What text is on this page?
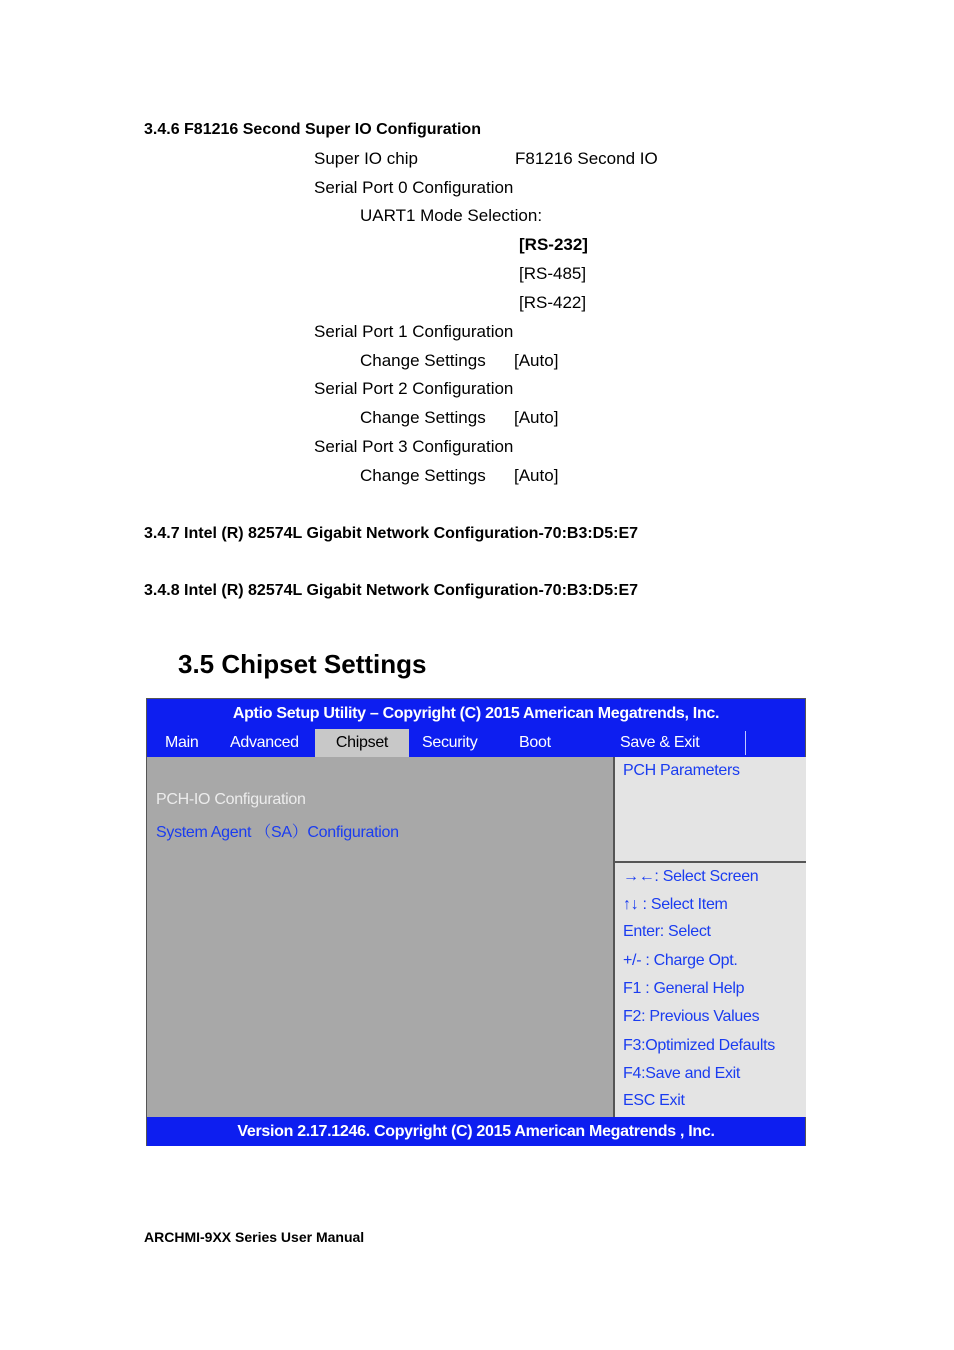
3.4.6 F81216 Second Super IO Configuration
Super IO chip	F81216 Second IO
Serial Port 0 Configuration
UART1 Mode Selection:
[RS-232]
[RS-485]
[RS-422]
Serial Port 1 Configuration
Change Settings [Auto]
Serial Port 2 Configuration
Change Settings [Auto]
Serial Port 3 Configuration
Change Settings [Auto]
3.4.7 Intel (R) 82574L Gigabit Network Configuration-70:B3:D5:E7
3.4.8 Intel (R) 82574L Gigabit Network Configuration-70:B3:D5:E7
3.5 Chipset Settings
Aptio Setup Utility – Copyright (C) 2015 American Megatrends, Inc.
Main Advanced	Chipset	Security	Boot	Save & Exit
PCH-IO Configuration
System Agent （SA）Configuration
PCH Parameters
→←: Select Screen
↑↓ : Select Item
Enter: Select
+/- : Charge Opt.
F1 : General Help
F2: Previous Values
F3:Optimized Defaults
F4:Save and Exit
ESC Exit
Version 2.17.1246. Copyright (C) 2015 American Megatrends , Inc.
ARCHMI-9XX Series User Manual
